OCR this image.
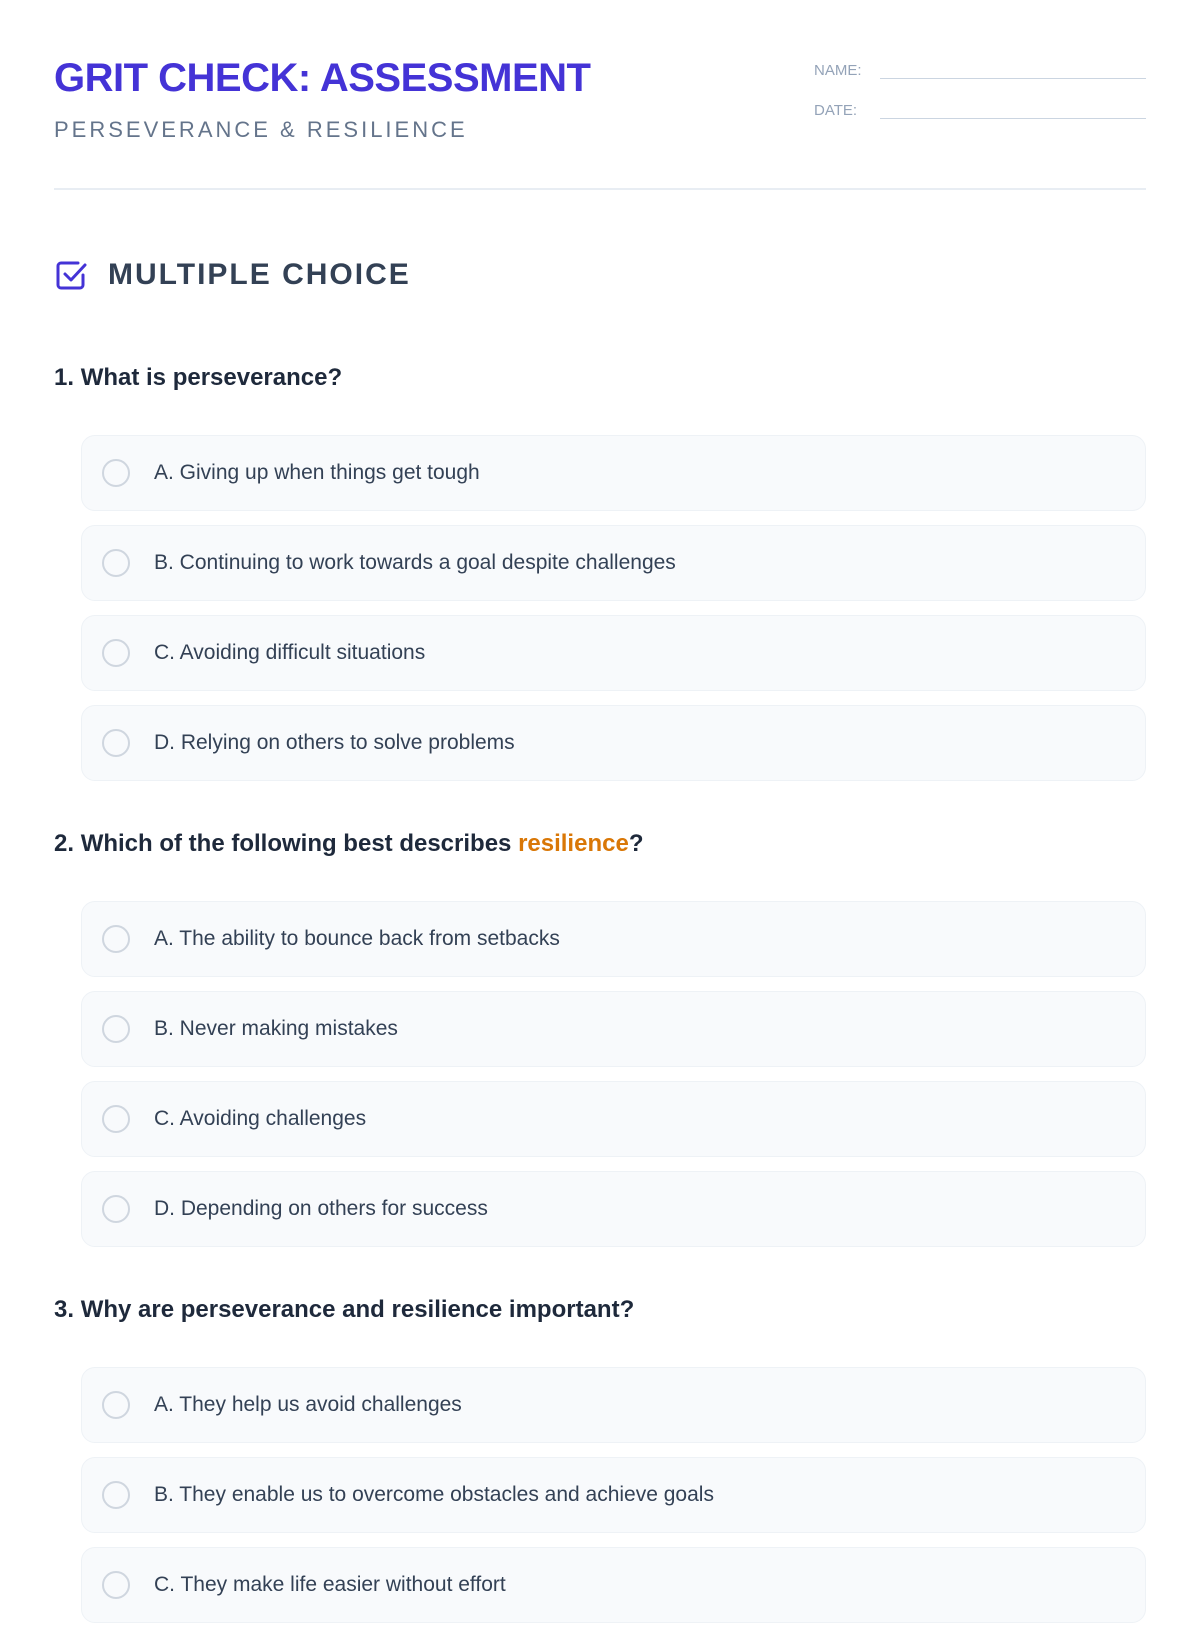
GRIT CHECK: ASSESSMENT

PERSEVERANCE & RESILIENCE

NAME:
DATE:
MULTIPLE CHOICE
1. What is perseverance?
A. Giving up when things get tough
B. Continuing to work towards a goal despite challenges
C. Avoiding difficult situations
D. Relying on others to solve problems
2. Which of the following best describes resilience?
A. The ability to bounce back from setbacks
B. Never making mistakes
C. Avoiding challenges
D. Depending on others for success
3. Why are perseverance and resilience important?
A. They help us avoid challenges
B. They enable us to overcome obstacles and achieve goals
C. They make life easier without effort
